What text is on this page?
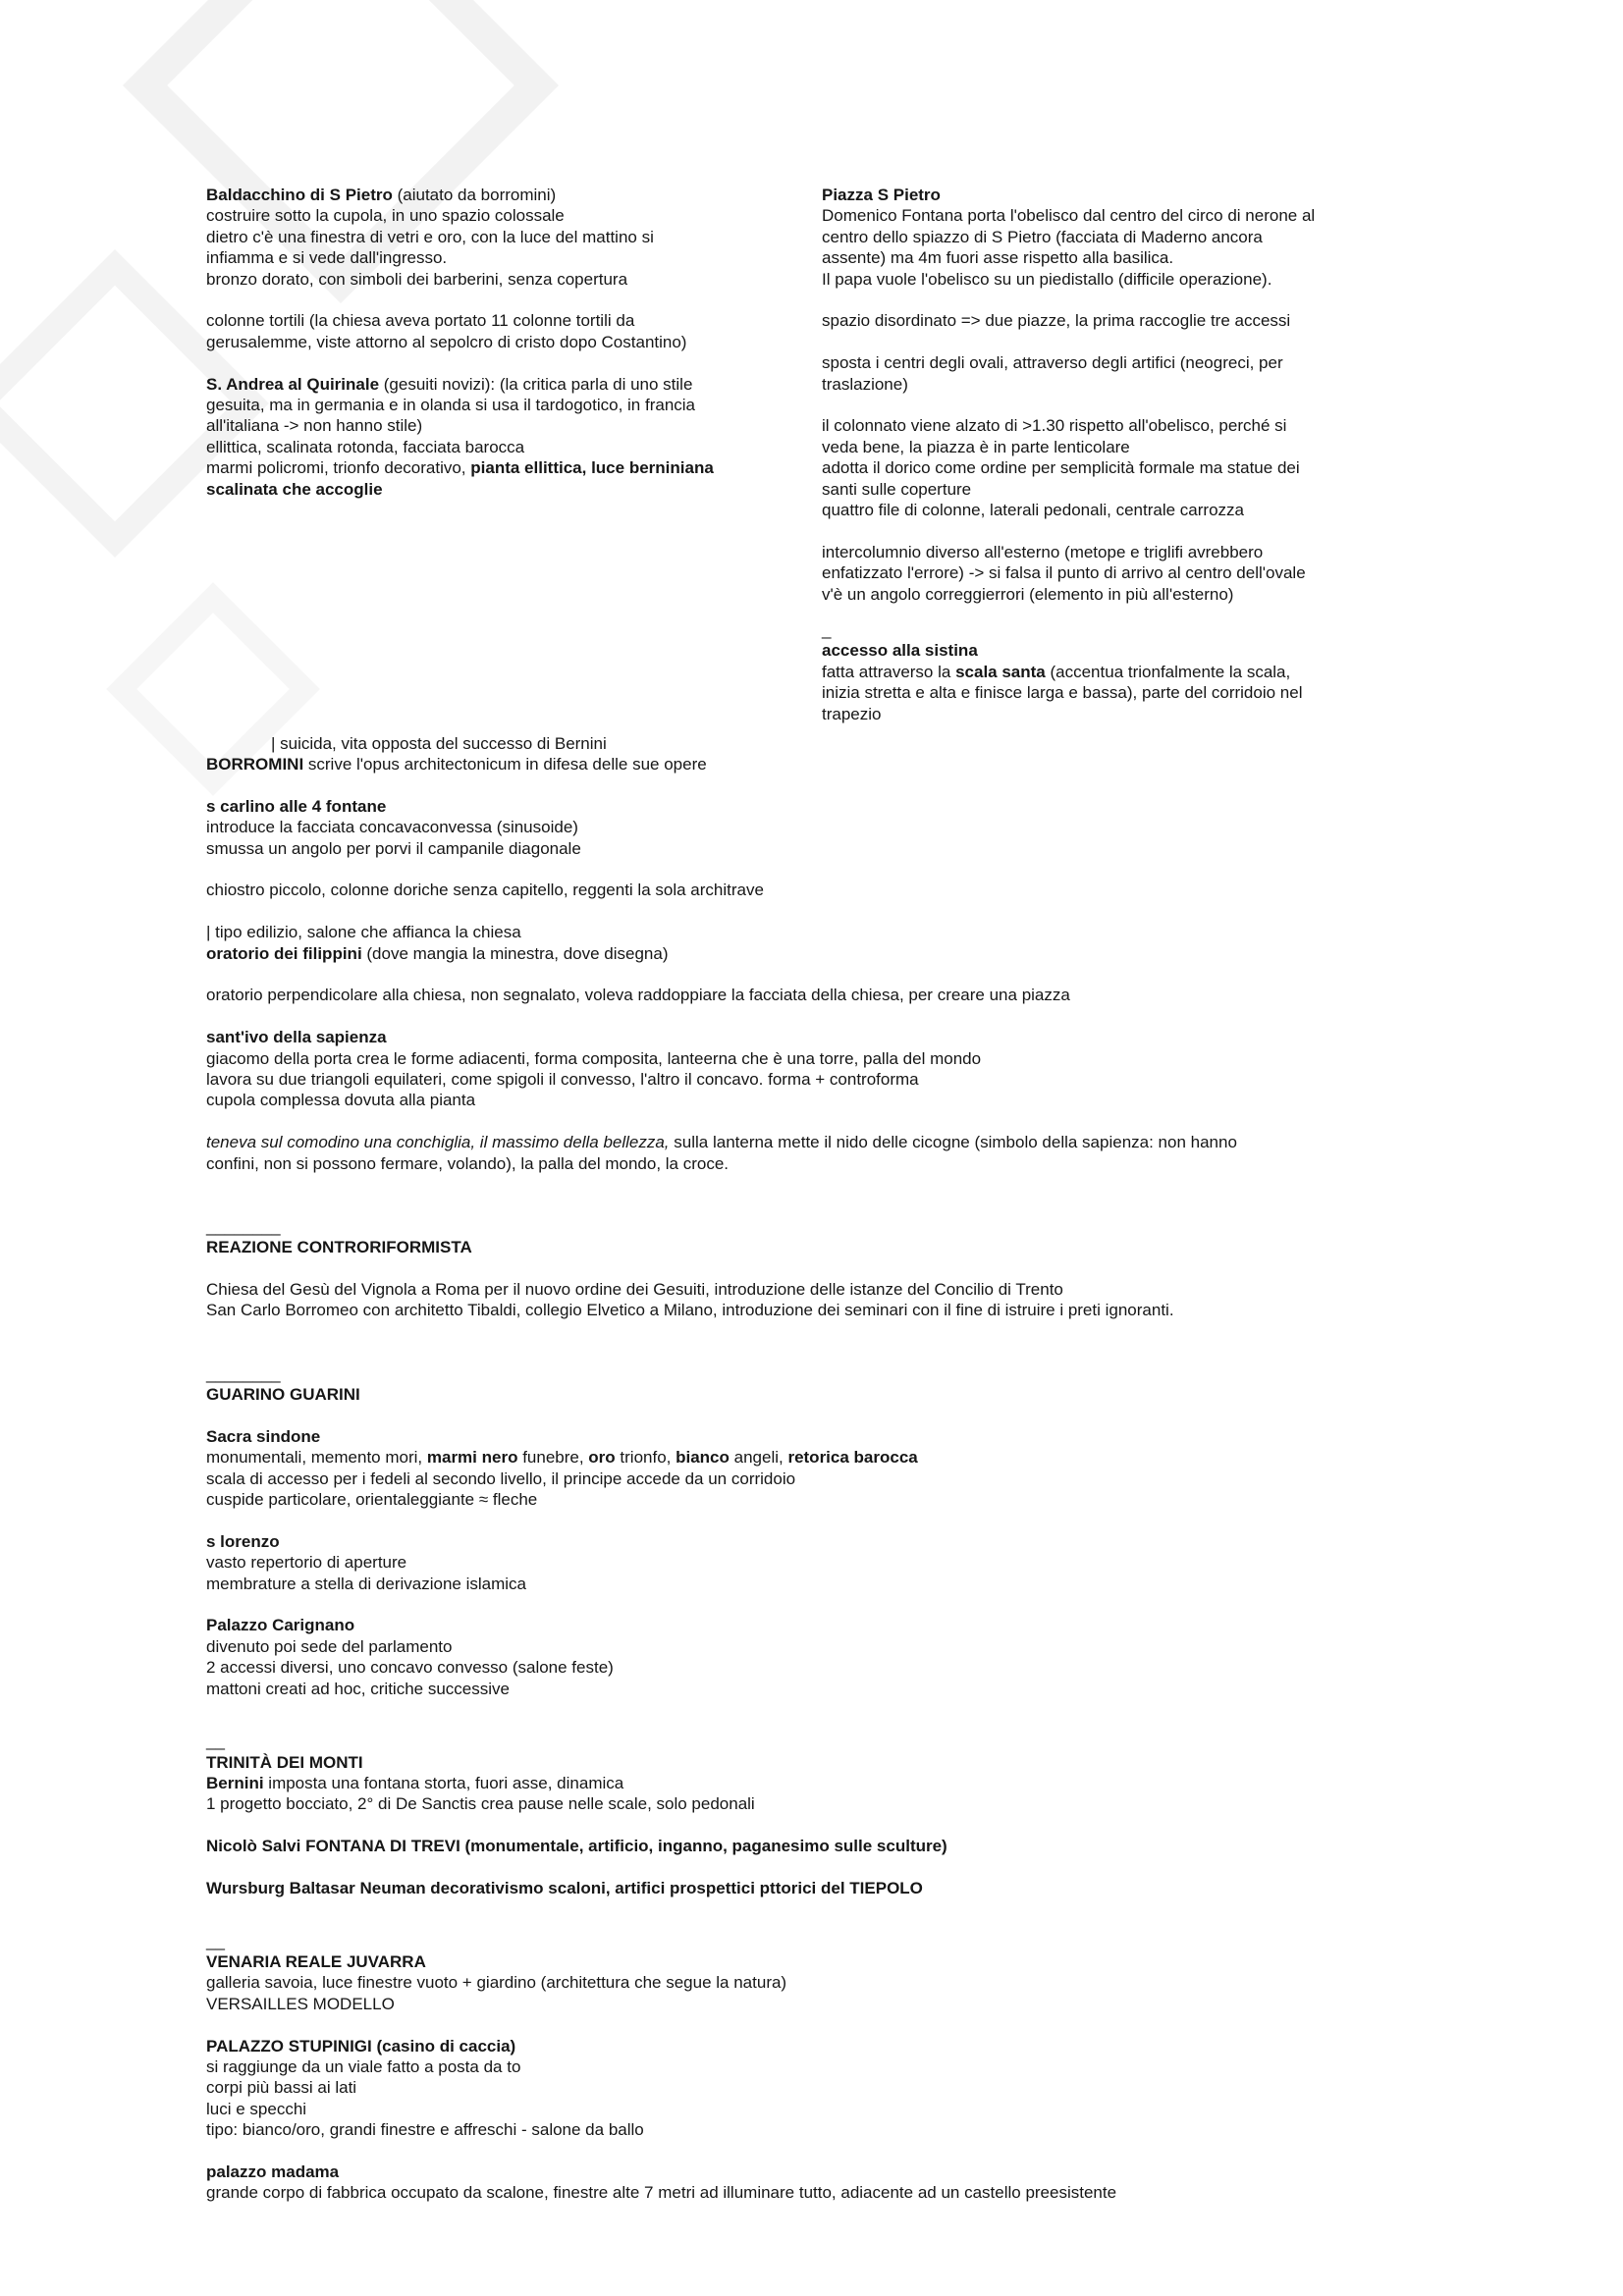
Baldacchino di S Pietro (aiutato da borromini)
costruire sotto la cupola, in uno spazio colossale
dietro c'è una finestra di vetri e oro, con la luce del mattino si
infiamma e si vede dall'ingresso.
bronzo dorato, con simboli dei barberini, senza copertura
colonne tortili (la chiesa aveva portato 11 colonne tortili da
gerusalemme, viste attorno al sepolcro di cristo dopo Costantino)
S. Andrea al Quirinale (gesuiti novizi): (la critica parla di uno stile
gesuita, ma in germania e in olanda si usa il tardogotico, in francia
all'italiana -> non hanno stile)
ellittica, scalinata rotonda, facciata barocca
marmi policromi, trionfo decorativo, pianta ellittica, luce berniniana
scalinata che accoglie
Piazza S Pietro
Domenico Fontana porta l'obelisco dal centro del circo di nerone al
centro dello spiazzo di S Pietro (facciata di Maderno ancora
assente) ma 4m fuori asse rispetto alla basilica.
Il papa vuole l'obelisco su un piedistallo (difficile operazione).
spazio disordinato => due piazze, la prima raccoglie tre accessi
sposta i centri degli ovali, attraverso degli artifici (neogreci, per
traslazione)
il colonnato viene alzato di >1.30 rispetto all'obelisco, perché si
veda bene, la piazza è in parte lenticolare
adotta il dorico come ordine per semplicità formale ma statue dei
santi sulle coperture
quattro file di colonne, laterali pedonali, centrale carrozza
intercolumnio diverso all'esterno (metope e triglifi avrebbero
enfatizzato l'errore) -> si falsa il punto di arrivo al centro dell'ovale
v'è un angolo correggierrori (elemento in più all'esterno)
_
accesso alla sistina
fatta attraverso la scala santa (accentua trionfalmente la scala,
inizia stretta e alta e finisce larga e bassa), parte del corridoio nel
trapezio
| suicida, vita opposta del successo di Bernini
BORROMINI scrive l'opus architectonicum in difesa delle sue opere
s carlino alle 4 fontane
introduce la facciata concavaconvessa (sinusoide)
smussa un angolo per porvi il campanile diagonale
chiostro piccolo, colonne doriche senza capitello, reggenti la sola architrave
| tipo edilizio, salone che affianca la chiesa
oratorio dei filippini (dove mangia la minestra, dove disegna)
oratorio perpendicolare alla chiesa, non segnalato, voleva raddoppiare la facciata della chiesa, per creare una piazza
sant'ivo della sapienza
giacomo della porta crea le forme adiacenti, forma composita, lanteerna che è una torre, palla del mondo
lavora su due triangoli equilateri, come spigoli il convesso, l'altro il concavo. forma + controforma
cupola complessa dovuta alla pianta
teneva sul comodino una conchiglia, il massimo della bellezza, sulla lanterna mette il nido delle cicogne (simbolo della sapienza: non hanno
confini, non si possono fermare, volando), la palla del mondo, la croce.
________
REAZIONE CONTRORIFORMISTA
Chiesa del Gesù del Vignola a Roma per il nuovo ordine dei Gesuiti, introduzione delle istanze del Concilio di Trento
San Carlo Borromeo con architetto Tibaldi, collegio Elvetico a Milano, introduzione dei seminari con il fine di istruire i preti ignoranti.
________
GUARINO GUARINI
Sacra sindone
monumentali, memento mori, marmi nero funebre, oro trionfo, bianco angeli, retorica barocca
scala di accesso per i fedeli al secondo livello, il principe accede da un corridoio
cuspide particolare, orientaleggiante ≈ fleche
s lorenzo
vasto repertorio di aperture
membrature a stella di derivazione islamica
Palazzo Carignano
divenuto poi sede del parlamento
2 accessi diversi, uno concavo convesso (salone feste)
mattoni creati ad hoc, critiche successive
__
TRINITÀ DEI MONTI
Bernini imposta una fontana storta, fuori asse, dinamica
1 progetto bocciato, 2° di De Sanctis crea pause nelle scale, solo pedonali
Nicolò Salvi FONTANA DI TREVI (monumentale, artificio, inganno, paganesimo sulle sculture)
Wursburg Baltasar Neuman decorativismo scaloni, artifici prospettici pttorici del TIEPOLO
__
VENARIA REALE JUVARRA
galleria savoia, luce finestre vuoto + giardino (architettura che segue la natura)
VERSAILLES MODELLO
PALAZZO STUPINIGI (casino di caccia)
si raggiunge da un viale fatto a posta da to
corpi più bassi ai lati
luci e specchi
tipo: bianco/oro, grandi finestre e affreschi - salone da ballo
palazzo madama
grande corpo di fabbrica occupato da scalone, finestre alte 7 metri ad illuminare tutto, adiacente ad un castello preesistente
